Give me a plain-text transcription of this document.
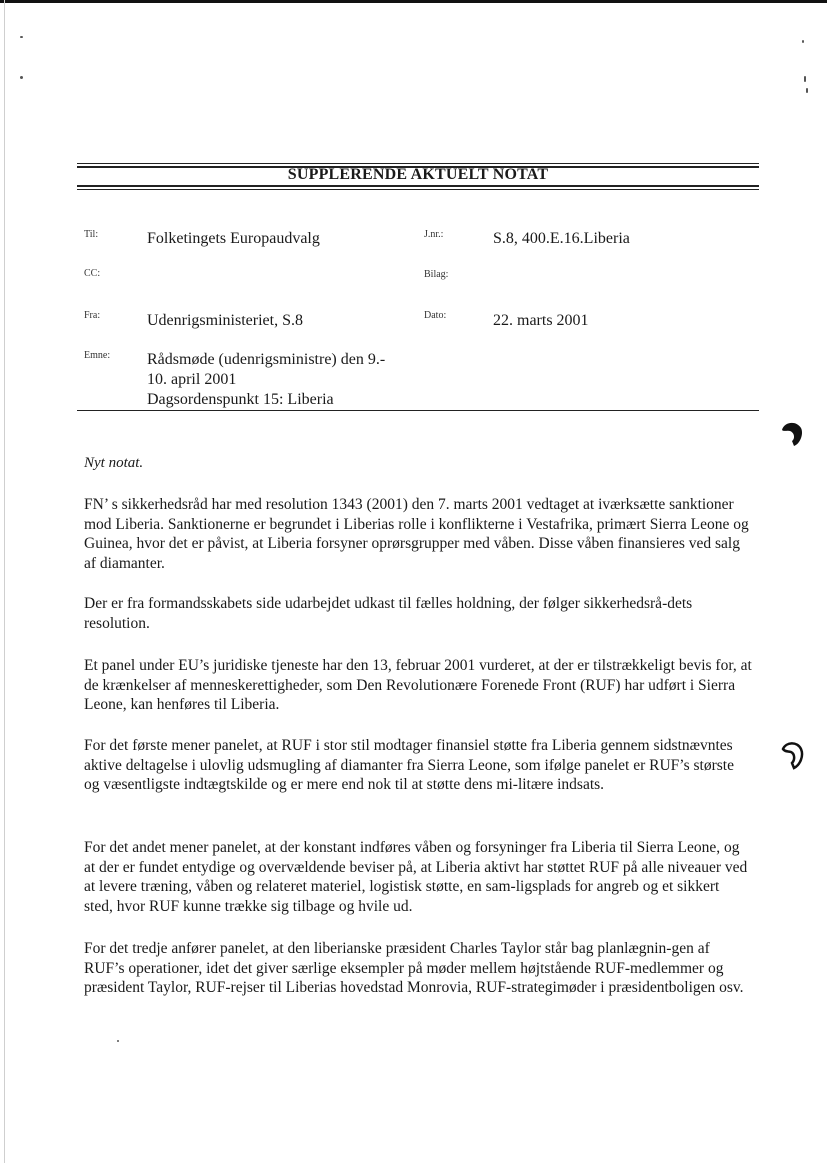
SUPPLERENDE AKTUELT NOTAT
Til:	Folketingets Europaudvalg	J.nr.:	S.8, 400.E.16.Liberia
CC:	Bilag:
Fra:	Udenrigsministeriet, S.8	Dato:	22. marts 2001
Emne: Rådsmøde (udenrigsministre) den 9.-
10. april 2001
Dagsordenspunkt 15: Liberia
Nyt notat.

FN’ s sikkerhedsråd har med resolution 1343 (2001) den 7. marts 2001 vedtaget at iværksætte sanktioner mod Liberia. Sanktionerne er begrundet i Liberias rolle i konflikterne i Vestafrika, primært Sierra Leone og Guinea, hvor det er påvist, at Liberia forsyner oprørsgrupper med våben. Disse våben finansieres ved salg af diamanter.

Der er fra formandsskabets side udarbejdet udkast til fælles holdning, der følger sikkerhedsrå-dets resolution.

Et panel under EU’s juridiske tjeneste har den 13, februar 2001 vurderet, at der er tilstrækkeligt bevis for, at de krænkelser af menneskerettigheder, som Den Revolutionære Forenede Front (RUF) har udført i Sierra Leone, kan henføres til Liberia.

For det første mener panelet, at RUF i stor stil modtager finansiel støtte fra Liberia gennem sidstnævntes aktive deltagelse i ulovlig udsmugling af diamanter fra Sierra Leone, som ifølge panelet er RUF’s største og væsentligste indtægtskilde og er mere end nok til at støtte dens mi-litære indsats.

For det andet mener panelet, at der konstant indføres våben og forsyninger fra Liberia til Sierra Leone, og at der er fundet entydige og overvældende beviser på, at Liberia aktivt har støttet RUF på alle niveauer ved at levere træning, våben og relateret materiel, logistisk støtte, en sam-ligsplads for angreb og et sikkert sted, hvor RUF kunne trække sig tilbage og hvile ud.

For det tredje anfører panelet, at den liberianske præsident Charles Taylor står bag planlægnin-gen af RUF’s operationer, idet det giver særlige eksempler på møder mellem højtstående RUF-medlemmer og præsident Taylor, RUF-rejser til Liberias hovedstad Monrovia, RUF-strategimøder i præsidentboligen osv.
